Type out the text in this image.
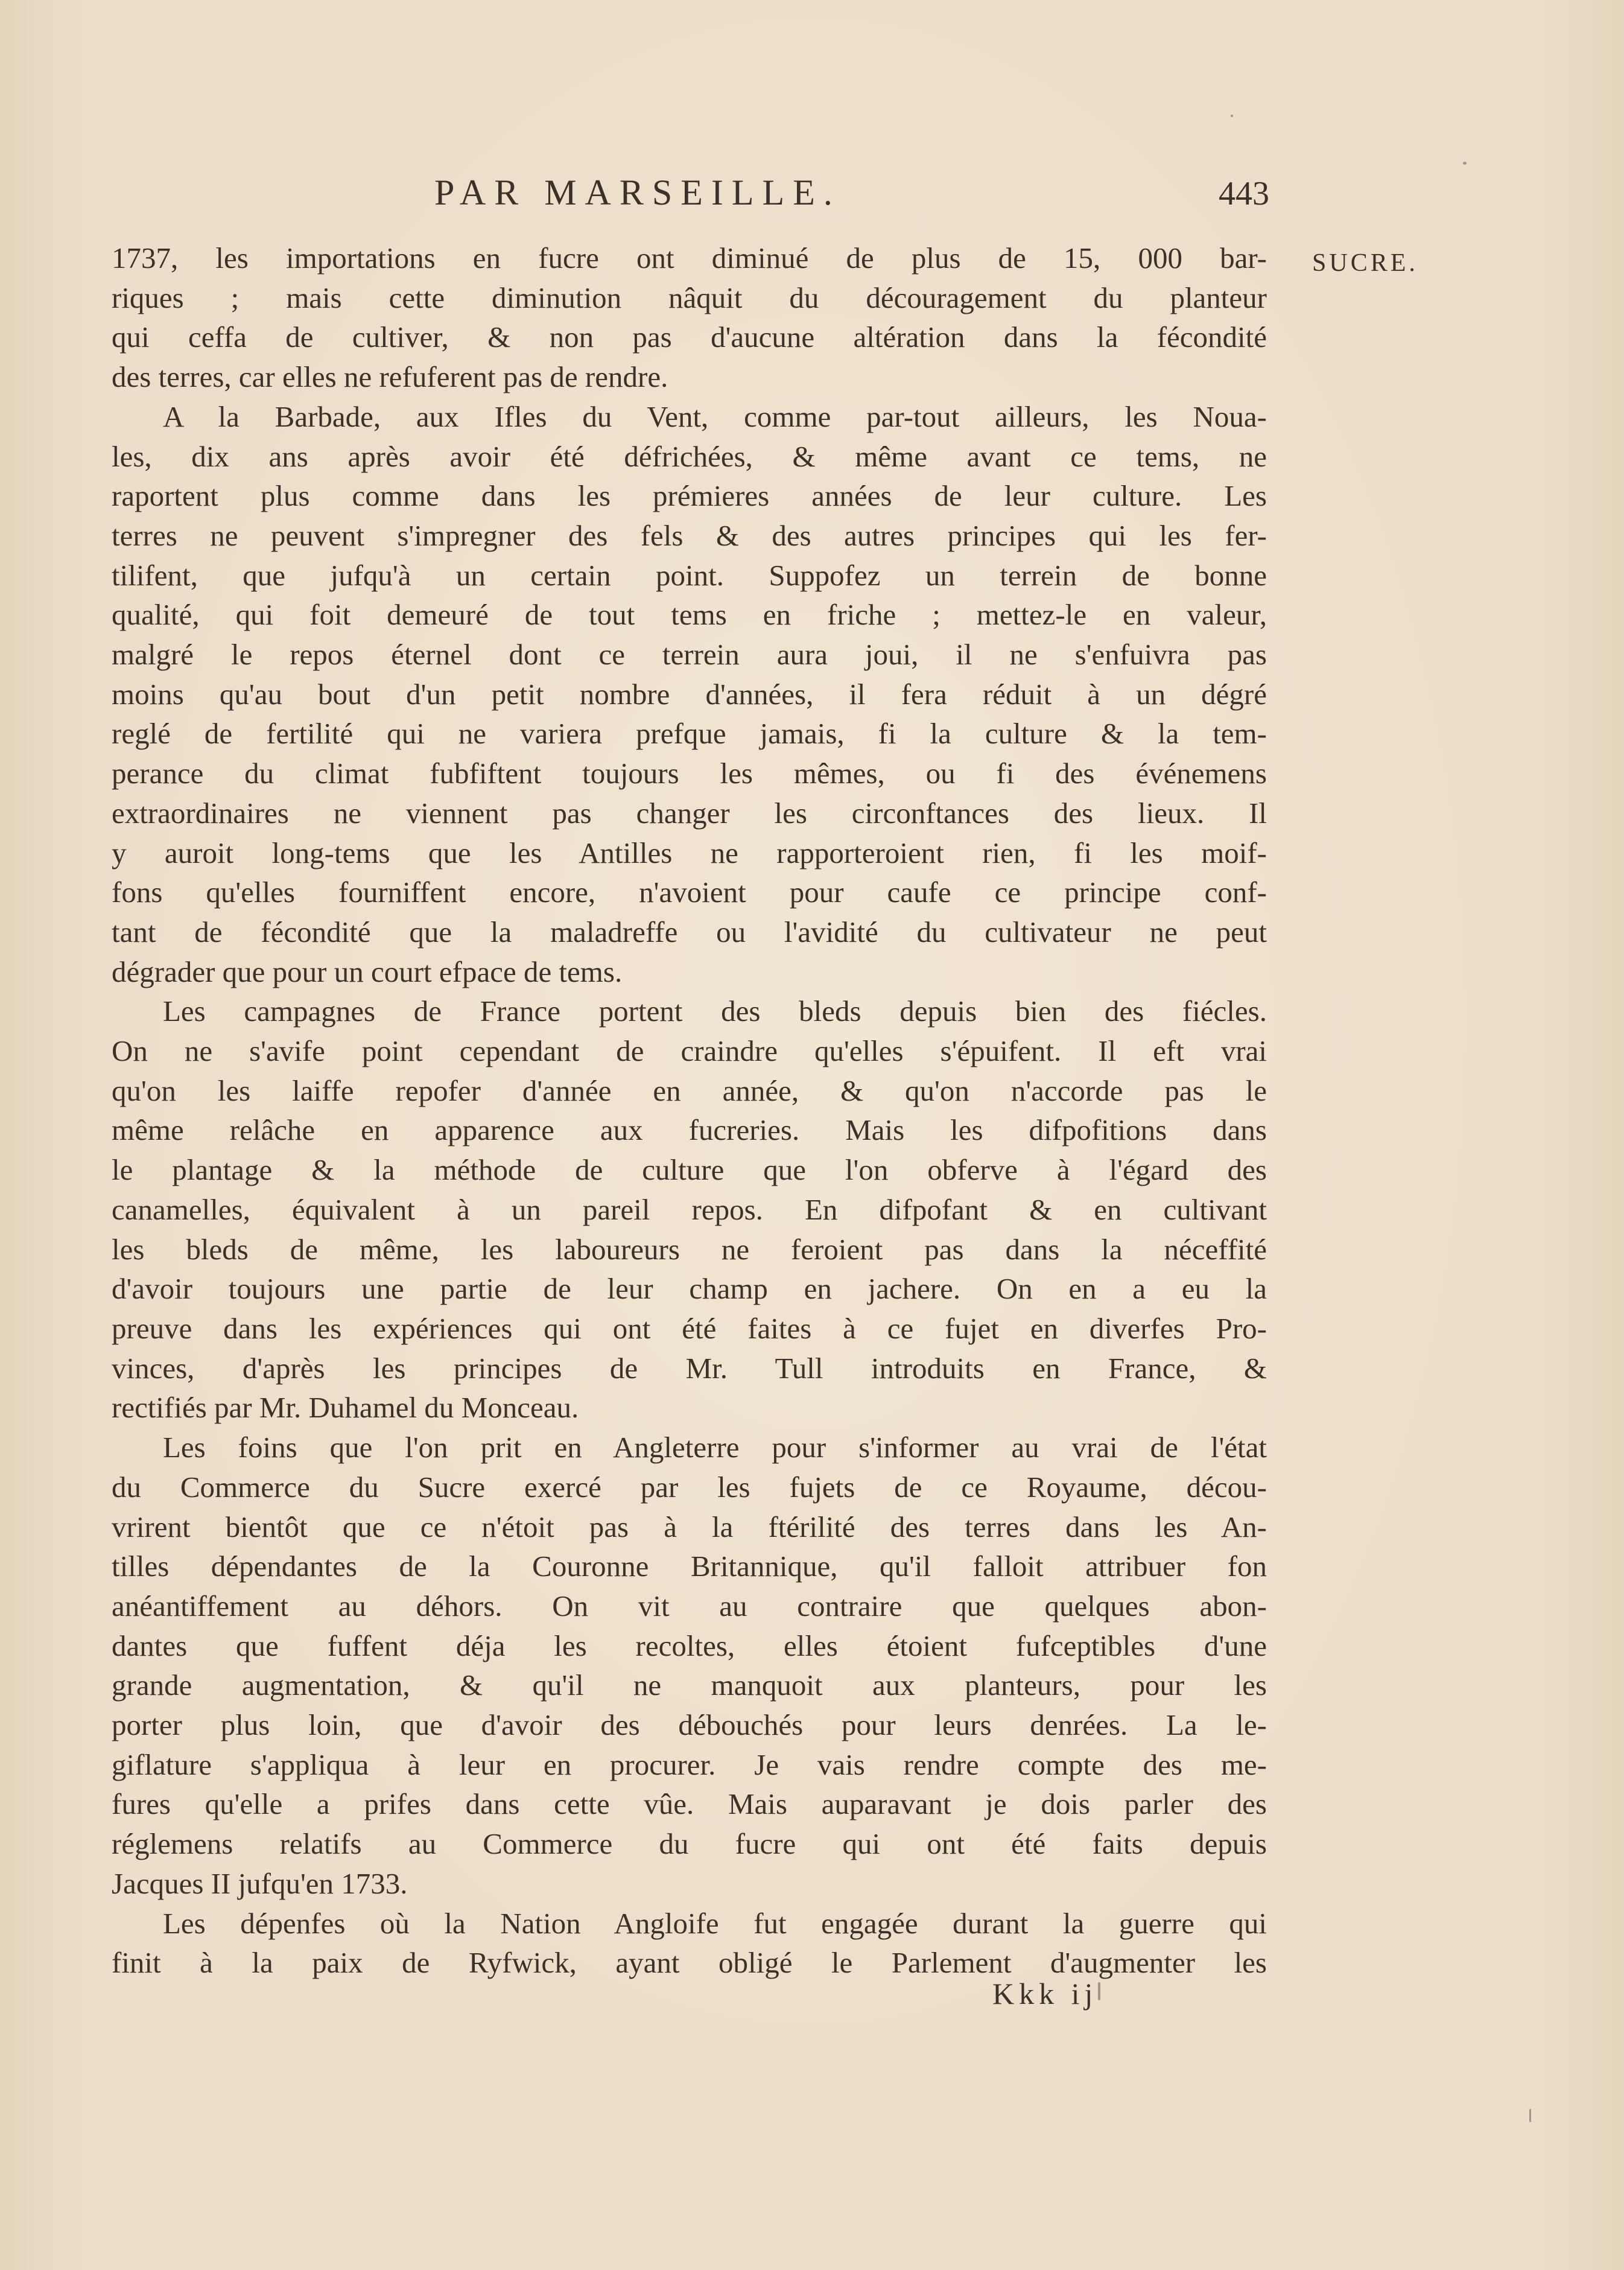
PAR MARSEILLE.	443
SUCRE.
1737, les importations en fucre ont diminué de plus de 15, 000 bar-
riques ; mais cette diminution nâquit du découragement du planteur
qui ceffa de cultiver, & non pas d'aucune altération dans la fécondité
des terres, car elles ne refuferent pas de rendre.
A la Barbade, aux Ifles du Vent, comme par-tout ailleurs, les Noua-
les, dix ans après avoir été défrichées, & même avant ce tems, ne
raportent plus comme dans les prémieres années de leur culture. Les
terres ne peuvent s'impregner des fels & des autres principes qui les fer-
tilifent, que jufqu'à un certain point. Suppofez un terrein de bonne
qualité, qui foit demeuré de tout tems en friche ; mettez-le en valeur,
malgré le repos éternel dont ce terrein aura joui, il ne s'enfuivra pas
moins qu'au bout d'un petit nombre d'années, il fera réduit à un dégré
reglé de fertilité qui ne variera prefque jamais, fi la culture & la tem-
perance du climat fubfiftent toujours les mêmes, ou fi des événemens
extraordinaires ne viennent pas changer les circonftances des lieux. Il
y auroit long-tems que les Antilles ne rapporteroient rien, fi les moif-
fons qu'elles fourniffent encore, n'avoient pour caufe ce principe conf-
tant de fécondité que la maladreffe ou l'avidité du cultivateur ne peut
dégrader que pour un court efpace de tems.
Les campagnes de France portent des bleds depuis bien des fiécles.
On ne s'avife point cependant de craindre qu'elles s'épuifent. Il eft vrai
qu'on les laiffe repofer d'année en année, & qu'on n'accorde pas le
même relâche en apparence aux fucreries. Mais les difpofitions dans
le plantage & la méthode de culture que l'on obferve à l'égard des
canamelles, équivalent à un pareil repos. En difpofant & en cultivant
les bleds de même, les laboureurs ne feroient pas dans la néceffité
d'avoir toujours une partie de leur champ en jachere. On en a eu la
preuve dans les expériences qui ont été faites à ce fujet en diverfes Pro-
vinces, d'après les principes de Mr. Tull introduits en France, &
rectifiés par Mr. Duhamel du Monceau.
Les foins que l'on prit en Angleterre pour s'informer au vrai de l'état
du Commerce du Sucre exercé par les fujets de ce Royaume, décou-
vrirent bientôt que ce n'étoit pas à la ftérilité des terres dans les An-
tilles dépendantes de la Couronne Britannique, qu'il falloit attribuer fon
anéantiffement au déhors. On vit au contraire que quelques abon-
dantes que fuffent déja les recoltes, elles étoient fufceptibles d'une
grande augmentation, & qu'il ne manquoit aux planteurs, pour les
porter plus loin, que d'avoir des débouchés pour leurs denrées. La le-
giflature s'appliqua à leur en procurer. Je vais rendre compte des me-
fures qu'elle a prifes dans cette vûe. Mais auparavant je dois parler des
réglemens relatifs au Commerce du fucre qui ont été faits depuis
Jacques II jufqu'en 1733.
Les dépenfes où la Nation Angloife fut engagée durant la guerre qui
finit à la paix de Ryfwick, ayant obligé le Parlement d'augmenter les
Kkk ij
